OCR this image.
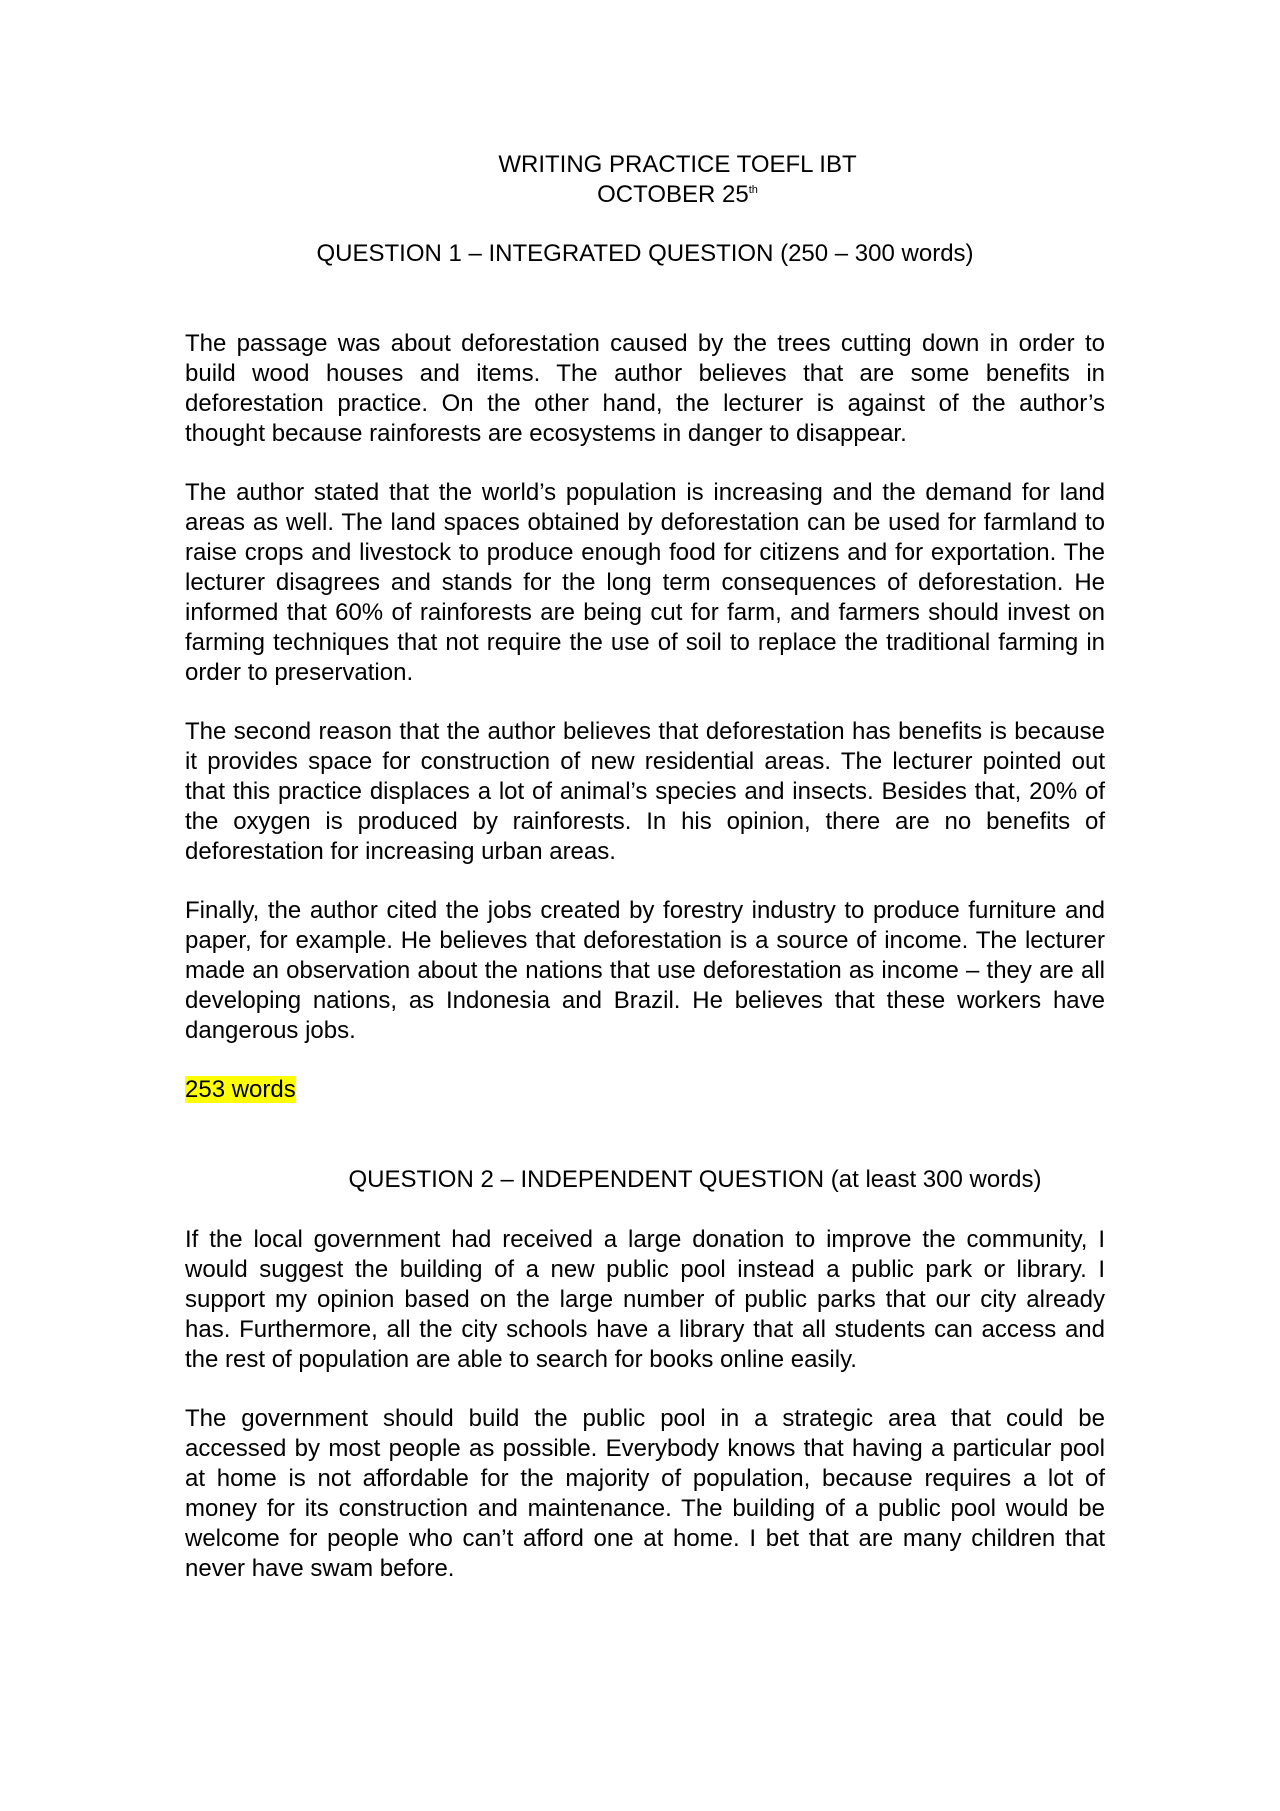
WRITING PRACTICE TOEFL IBT

OCTOBER 25th

QUESTION 1 – INTEGRATED QUESTION (250 – 300 words)

The passage was about deforestation caused by the trees cutting down in order to build wood houses and items. The author believes that are some benefits in deforestation practice. On the other hand, the lecturer is against of the author’s thought because rainforests are ecosystems in danger to disappear.

The author stated that the world’s population is increasing and the demand for land areas as well. The land spaces obtained by deforestation can be used for farmland to raise crops and livestock to produce enough food for citizens and for exportation. The lecturer disagrees and stands for the long term consequences of deforestation. He informed that 60% of rainforests are being cut for farm, and farmers should invest on farming techniques that not require the use of soil to replace the traditional farming in order to preservation.

The second reason that the author believes that deforestation has benefits is because it provides space for construction of new residential areas. The lecturer pointed out that this practice displaces a lot of animal’s species and insects. Besides that, 20% of the oxygen is produced by rainforests. In his opinion, there are no benefits of deforestation for increasing urban areas.

Finally, the author cited the jobs created by forestry industry to produce furniture and paper, for example. He believes that deforestation is a source of income. The lecturer made an observation about the nations that use deforestation as income – they are all developing nations, as Indonesia and Brazil. He believes that these workers have dangerous jobs.

253 words

QUESTION 2 – INDEPENDENT QUESTION (at least 300 words)

If the local government had received a large donation to improve the community, I would suggest the building of a new public pool instead a public park or library. I support my opinion based on the large number of public parks that our city already has. Furthermore, all the city schools have a library that all students can access and the rest of population are able to search for books online easily.

The government should build the public pool in a strategic area that could be accessed by most people as possible. Everybody knows that having a particular pool at home is not affordable for the majority of population, because requires a lot of money for its construction and maintenance. The building of a public pool would be welcome for people who can’t afford one at home. I bet that are many children that never have swam before.
